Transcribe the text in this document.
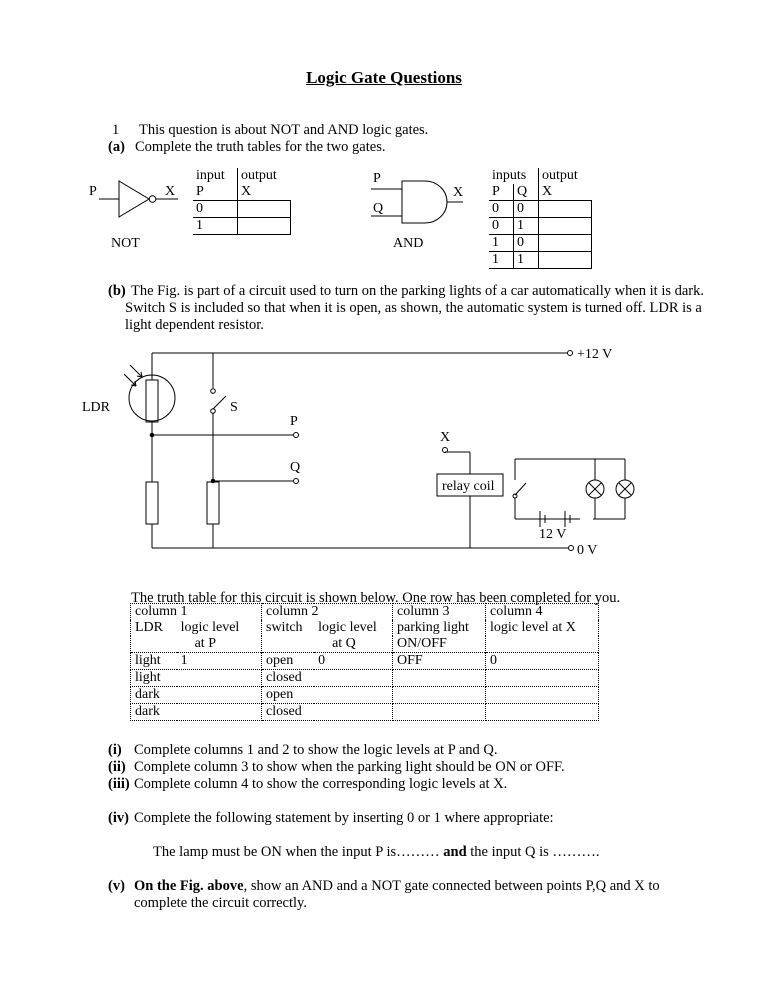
Logic Gate Questions
1 This question is about NOT and AND logic gates.
(a) Complete the truth tables for the two gates.
P	X
NOT
input	output
P	X
0	
1	
P
Q
X
AND
inputs		output
P	Q	X
0	0	
0	1	
1	0	
1	1	
(b) The Fig. is part of a circuit used to turn on the parking lights of a car automatically when it is dark.
Switch S is included so that when it is open, as shown, the automatic system is turned off. LDR is a
light dependent resistor.
+12 V
0 V
LDR	S
P
Q
X
relay coil
12 V
The truth table for this circuit is shown below. One row has been completed for you.
column 1		column 2		column 3	column 4
LDR	logic level	switch	logic level	parking light	logic level at X
	at P		at Q	ON/OFF	
light	1	open	0	OFF	0
light		closed			
dark		open			
dark		closed			
(i) Complete columns 1 and 2 to show the logic levels at P and Q.
(ii) Complete column 3 to show when the parking light should be ON or OFF.
(iii) Complete column 4 to show the corresponding logic levels at X.
(iv) Complete the following statement by inserting 0 or 1 where appropriate:
The lamp must be ON when the input P is……… and the input Q is ……….
(v) On the Fig. above, show an AND and a NOT gate connected between points P,Q and X to
complete the circuit correctly.
